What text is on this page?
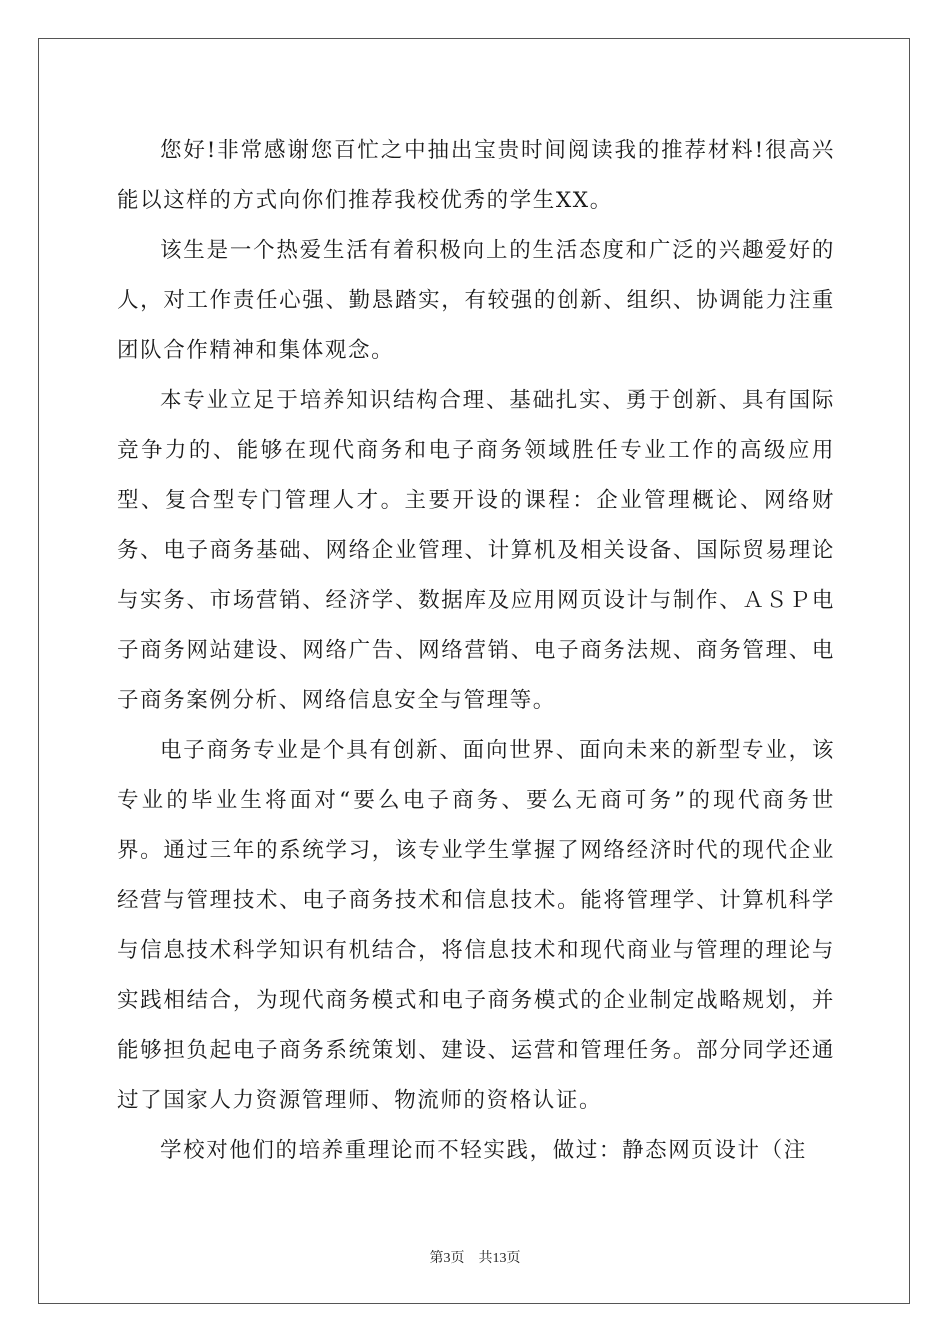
您好!非常感谢您百忙之中抽出宝贵时间阅读我的推荐材料!很高兴能以这样的方式向你们推荐我校优秀的学生XX。

该生是一个热爱生活有着积极向上的生活态度和广泛的兴趣爱好的人，对工作责任心强、勤恳踏实，有较强的创新、组织、协调能力注重团队合作精神和集体观念。

本专业立足于培养知识结构合理、基础扎实、勇于创新、具有国际竞争力的、能够在现代商务和电子商务领域胜任专业工作的高级应用型、复合型专门管理人才。主要开设的课程：企业管理概论、网络财务、电子商务基础、网络企业管理、计算机及相关设备、国际贸易理论与实务、市场营销、经济学、数据库及应用网页设计与制作、ＡＳＰ电子商务网站建设、网络广告、网络营销、电子商务法规、商务管理、电子商务案例分析、网络信息安全与管理等。

电子商务专业是个具有创新、面向世界、面向未来的新型专业，该专业的毕业生将面对“要么电子商务、要么无商可务”的现代商务世界。通过三年的系统学习，该专业学生掌握了网络经济时代的现代企业经营与管理技术、电子商务技术和信息技术。能将管理学、计算机科学与信息技术科学知识有机结合，将信息技术和现代商业与管理的理论与实践相结合，为现代商务模式和电子商务模式的企业制定战略规划，并能够担负起电子商务系统策划、建设、运营和管理任务。部分同学还通过了国家人力资源管理师、物流师的资格认证。

学校对他们的培养重理论而不轻实践，做过：静态网页设计（注

第3页 共13页
